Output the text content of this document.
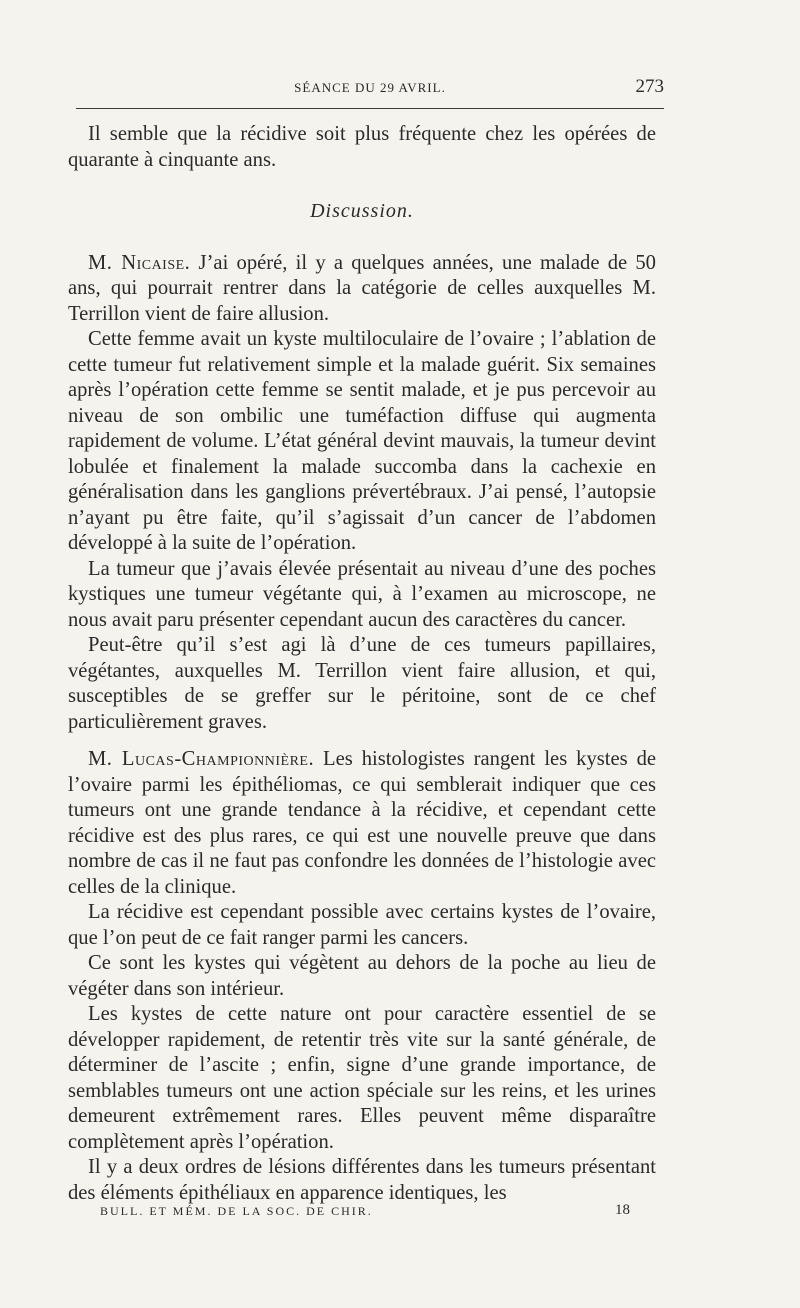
SÉANCE DU 29 AVRIL.	273

Il semble que la récidive soit plus fréquente chez les opérées de quarante à cinquante ans.

Discussion.

M. Nicaise. J’ai opéré, il y a quelques années, une malade de 50 ans, qui pourrait rentrer dans la catégorie de celles auxquelles M. Terrillon vient de faire allusion.

Cette femme avait un kyste multiloculaire de l’ovaire ; l’ablation de cette tumeur fut relativement simple et la malade guérit. Six semaines après l’opération cette femme se sentit malade, et je pus percevoir au niveau de son ombilic une tuméfaction diffuse qui augmenta rapidement de volume. L’état général devint mauvais, la tumeur devint lobulée et finalement la malade succomba dans la cachexie en généralisation dans les ganglions prévertébraux. J’ai pensé, l’autopsie n’ayant pu être faite, qu’il s’agissait d’un cancer de l’abdomen développé à la suite de l’opération.

La tumeur que j’avais élevée présentait au niveau d’une des poches kystiques une tumeur végétante qui, à l’examen au microscope, ne nous avait paru présenter cependant aucun des caractères du cancer.

Peut-être qu’il s’est agi là d’une de ces tumeurs papillaires, végétantes, auxquelles M. Terrillon vient faire allusion, et qui, susceptibles de se greffer sur le péritoine, sont de ce chef particulièrement graves.

M. Lucas-Championnière. Les histologistes rangent les kystes de l’ovaire parmi les épithéliomas, ce qui semblerait indiquer que ces tumeurs ont une grande tendance à la récidive, et cependant cette récidive est des plus rares, ce qui est une nouvelle preuve que dans nombre de cas il ne faut pas confondre les données de l’histologie avec celles de la clinique.

La récidive est cependant possible avec certains kystes de l’ovaire, que l’on peut de ce fait ranger parmi les cancers.

Ce sont les kystes qui végètent au dehors de la poche au lieu de végéter dans son intérieur.

Les kystes de cette nature ont pour caractère essentiel de se développer rapidement, de retentir très vite sur la santé générale, de déterminer de l’ascite ; enfin, signe d’une grande importance, de semblables tumeurs ont une action spéciale sur les reins, et les urines demeurent extrêmement rares. Elles peuvent même disparaître complètement après l’opération.

Il y a deux ordres de lésions différentes dans les tumeurs présentant des éléments épithéliaux en apparence identiques, les

BULL. ET MÉM. DE LA SOC. DE CHIR.	18
